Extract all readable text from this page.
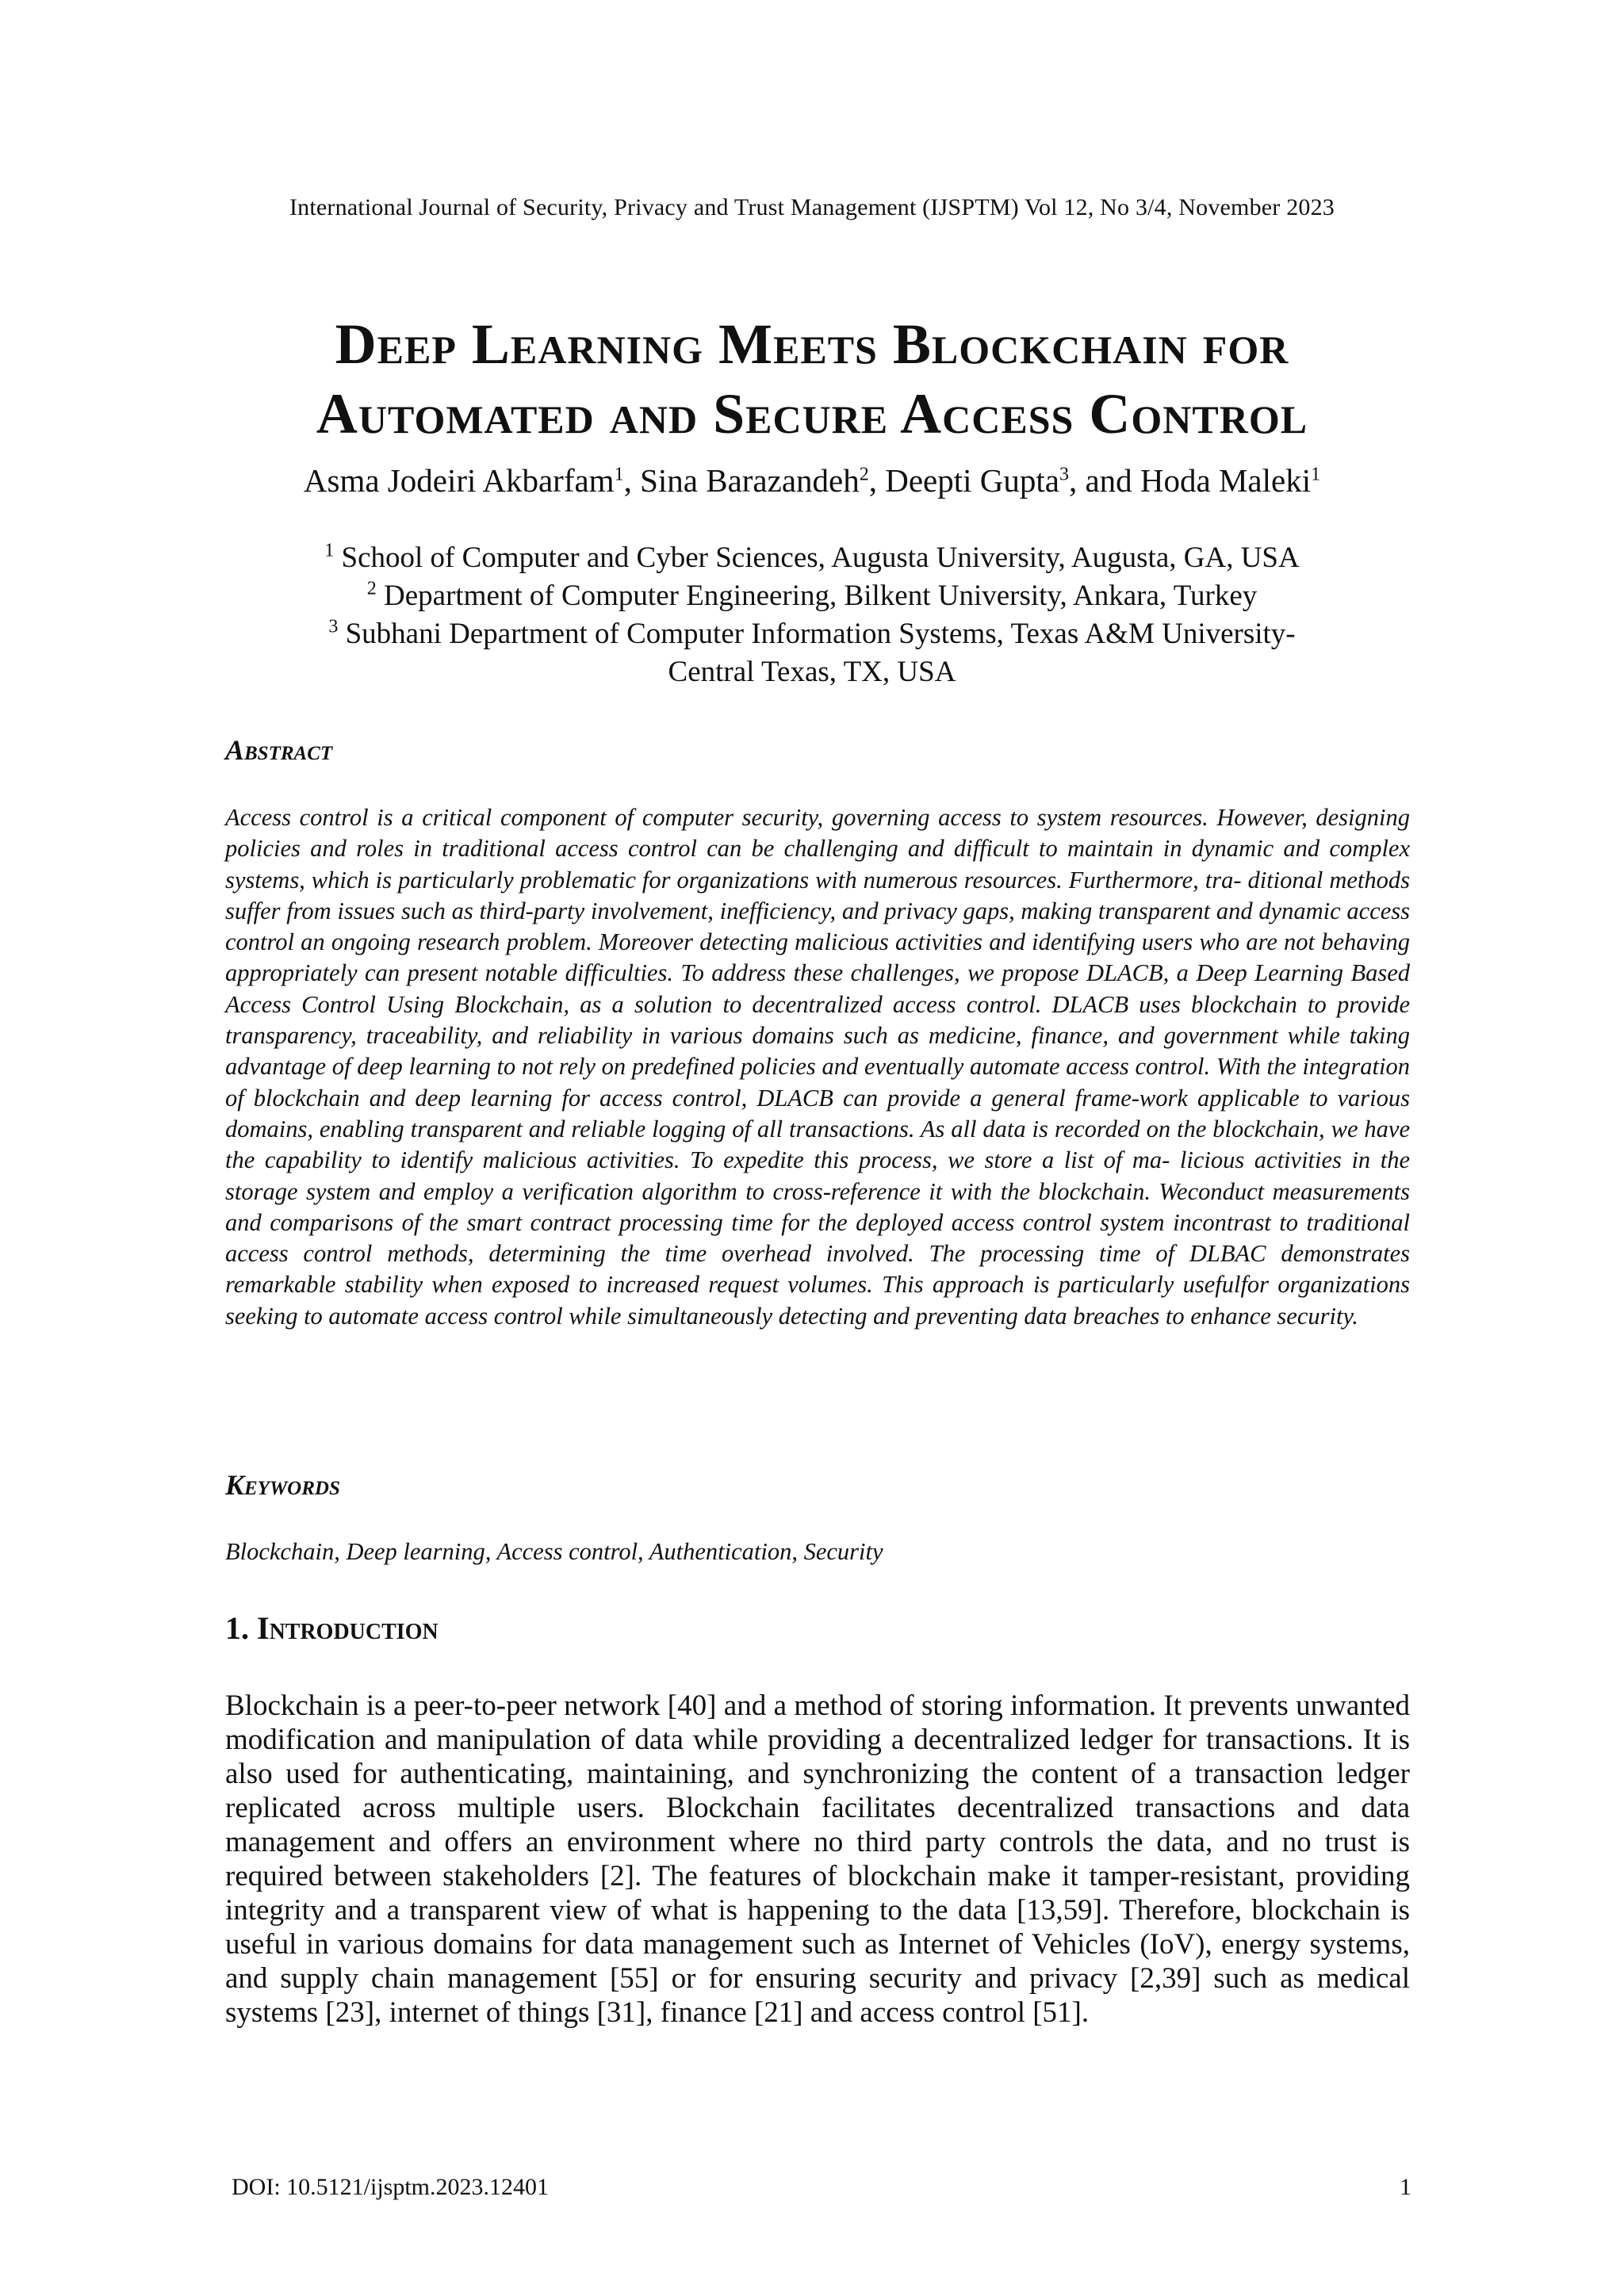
International Journal of Security, Privacy and Trust Management (IJSPTM) Vol 12, No 3/4, November 2023
Deep Learning Meets Blockchain for
Automated and Secure Access Control
Asma Jodeiri Akbarfam$^1$, Sina Barazandeh$^2$, Deepti Gupta$^3$, and Hoda Maleki$^1$
$^1$ School of Computer and Cyber Sciences, Augusta University, Augusta, GA, USA
$^2$ Department of Computer Engineering, Bilkent University, Ankara, Turkey
$^3$ Subhani Department of Computer Information Systems, Texas A&M University-
Central Texas, TX, USA
Abstract
Access control is a critical component of computer security, governing access to system resources. However, designing policies and roles in traditional access control can be challenging and difficult to maintain in dynamic and complex systems, which is particularly problematic for organizations with numerous resources. Furthermore, tra- ditional methods suffer from issues such as third-party involvement, inefficiency, and privacy gaps, making transparent and dynamic access control an ongoing research problem. Moreover detecting malicious activities and identifying users who are not behaving appropriately can present notable difficulties. To address these challenges, we propose DLACB, a Deep Learning Based Access Control Using Blockchain, as a solution to decentralized access control. DLACB uses blockchain to provide transparency, traceability, and reliability in various domains such as medicine, finance, and government while taking advantage of deep learning to not rely on predefined policies and eventually automate access control. With the integration of blockchain and deep learning for access control, DLACB can provide a general frame-work applicable to various domains, enabling transparent and reliable logging of all transactions. As all data is recorded on the blockchain, we have the capability to identify malicious activities. To expedite this process, we store a list of ma- licious activities in the storage system and employ a verification algorithm to cross-reference it with the blockchain. Weconduct measurements and comparisons of the smart contract processing time for the deployed access control system incontrast to traditional access control methods, determining the time overhead involved. The processing time of DLBAC demonstrates remarkable stability when exposed to increased request volumes. This approach is particularly usefulfor organizations seeking to automate access control while simultaneously detecting and preventing data breaches to enhance security.
Keywords
Blockchain, Deep learning, Access control, Authentication, Security
1. Introduction
Blockchain is a peer-to-peer network [40] and a method of storing information. It prevents unwanted modification and manipulation of data while providing a decentralized ledger for transactions. It is also used for authenticating, maintaining, and synchronizing the content of a transaction ledger replicated across multiple users. Blockchain facilitates decentralized transactions and data management and offers an environment where no third party controls the data, and no trust is required between stakeholders [2]. The features of blockchain make it tamper-resistant, providing integrity and a transparent view of what is happening to the data [13,59]. Therefore, blockchain is useful in various domains for data management such as Internet of Vehicles (IoV), energy systems, and supply chain management [55] or for ensuring security and privacy [2,39] such as medical systems [23], internet of things [31], finance [21] and access control [51].
DOI: 10.5121/ijsptm.2023.12401	1
